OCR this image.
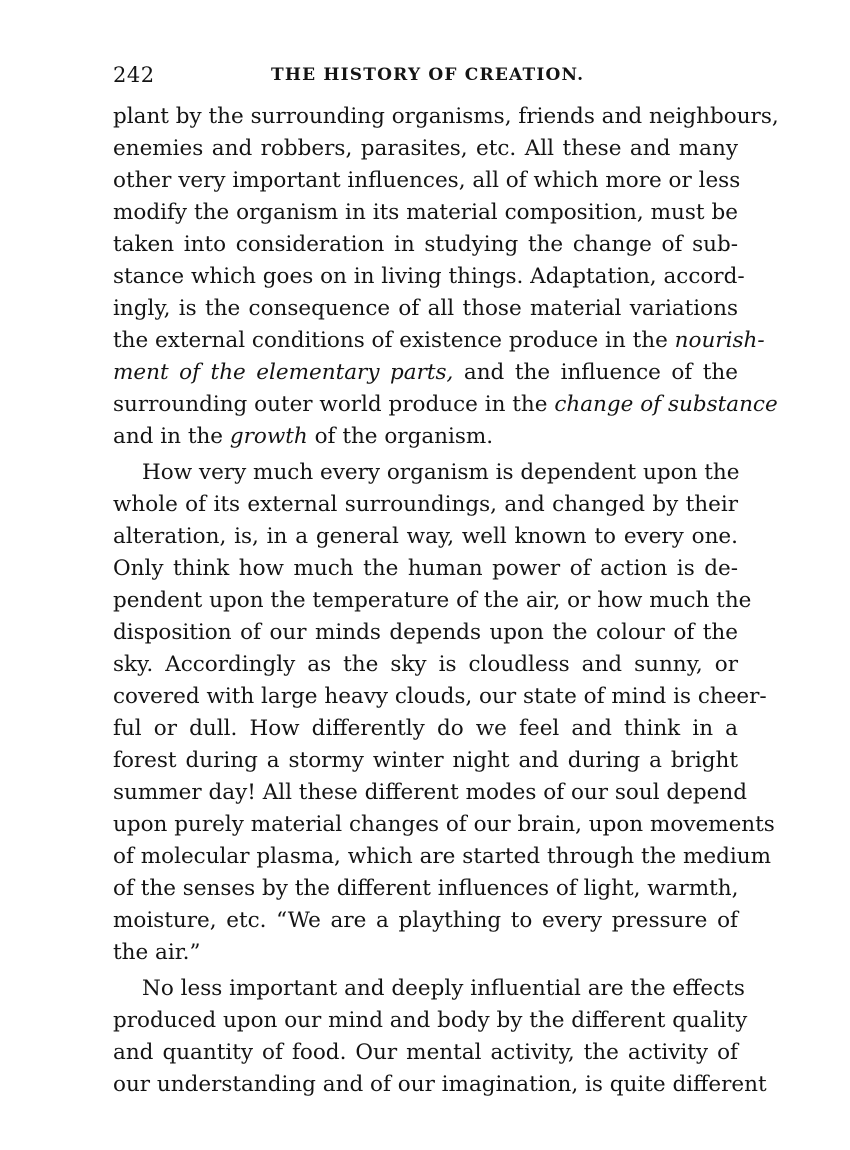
242	THE HISTORY OF CREATION.
plant by the surrounding organisms, friends and neighbours,
enemies and robbers, parasites, etc. All these and many
other very important influences, all of which more or less
modify the organism in its material composition, must be
taken into consideration in studying the change of sub-
stance which goes on in living things. Adaptation, accord-
ingly, is the consequence of all those material variations
the external conditions of existence produce in the nourish-
ment of the elementary parts, and the influence of the
surrounding outer world produce in the change of substance
and in the growth of the organism.
How very much every organism is dependent upon the
whole of its external surroundings, and changed by their
alteration, is, in a general way, well known to every one.
Only think how much the human power of action is de-
pendent upon the temperature of the air, or how much the
disposition of our minds depends upon the colour of the
sky. Accordingly as the sky is cloudless and sunny, or
covered with large heavy clouds, our state of mind is cheer-
ful or dull. How differently do we feel and think in a
forest during a stormy winter night and during a bright
summer day! All these different modes of our soul depend
upon purely material changes of our brain, upon movements
of molecular plasma, which are started through the medium
of the senses by the different influences of light, warmth,
moisture, etc. “We are a plaything to every pressure of
the air.”
No less important and deeply influential are the effects
produced upon our mind and body by the different quality
and quantity of food. Our mental activity, the activity of
our understanding and of our imagination, is quite different
